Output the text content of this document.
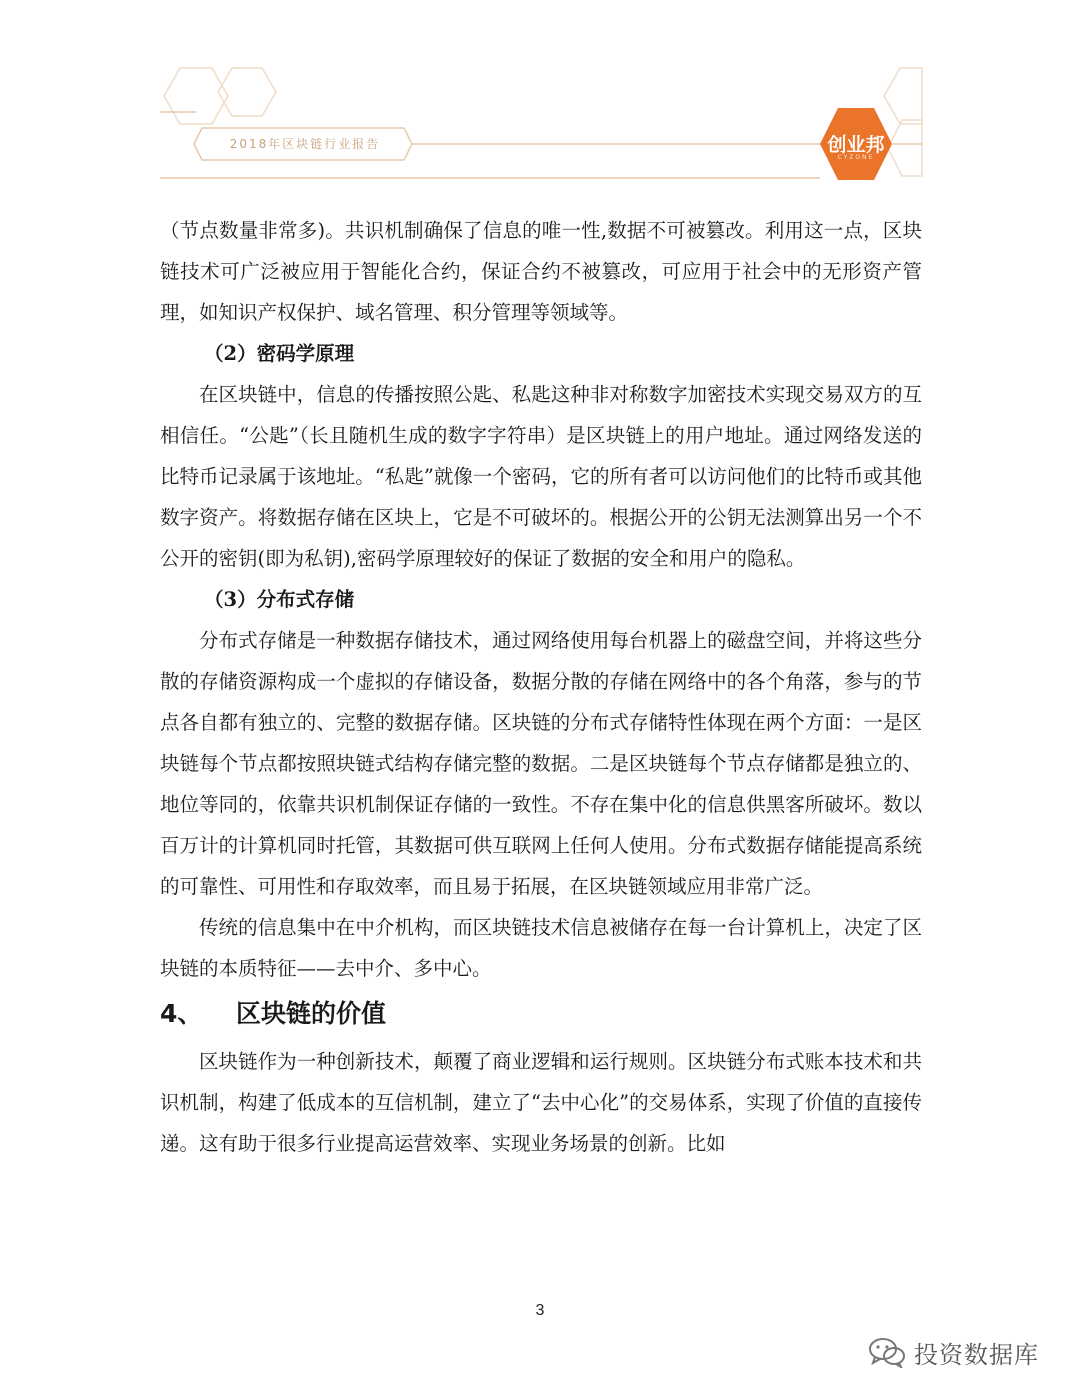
2018年区块链行业报告	创业邦
CYZONE

（节点数量非常多)。共识机制确保了信息的唯一性,数据不可被篡改。利用这一点，区块链技术可广泛被应用于智能化合约，保证合约不被篡改，可应用于社会中的无形资产管理，如知识产权保护、域名管理、积分管理等领域等。

（2）密码学原理

在区块链中，信息的传播按照公匙、私匙这种非对称数字加密技术实现交易双方的互相信任。“公匙”（长且随机生成的数字字符串）是区块链上的用户地址。通过网络发送的比特币记录属于该地址。“私匙”就像一个密码，它的所有者可以访问他们的比特币或其他数字资产。将数据存储在区块上，它是不可破坏的。根据公开的公钥无法测算出另一个不公开的密钥(即为私钥),密码学原理较好的保证了数据的安全和用户的隐私。

（3）分布式存储

分布式存储是一种数据存储技术，通过网络使用每台机器上的磁盘空间，并将这些分散的存储资源构成一个虚拟的存储设备，数据分散的存储在网络中的各个角落，参与的节点各自都有独立的、完整的数据存储。区块链的分布式存储特性体现在两个方面：一是区块链每个节点都按照块链式结构存储完整的数据。二是区块链每个节点存储都是独立的、地位等同的，依靠共识机制保证存储的一致性。不存在集中化的信息供黑客所破坏。数以百万计的计算机同时托管，其数据可供互联网上任何人使用。分布式数据存储能提高系统的可靠性、可用性和存取效率，而且易于拓展，在区块链领域应用非常广泛。

传统的信息集中在中介机构，而区块链技术信息被储存在每一台计算机上，决定了区块链的本质特征——去中介、多中心。

4、 区块链的价值

区块链作为一种创新技术，颠覆了商业逻辑和运行规则。区块链分布式账本技术和共识机制，构建了低成本的互信机制，建立了“去中心化”的交易体系，实现了价值的直接传递。这有助于很多行业提高运营效率、实现业务场景的创新。比如

3
投资数据库
